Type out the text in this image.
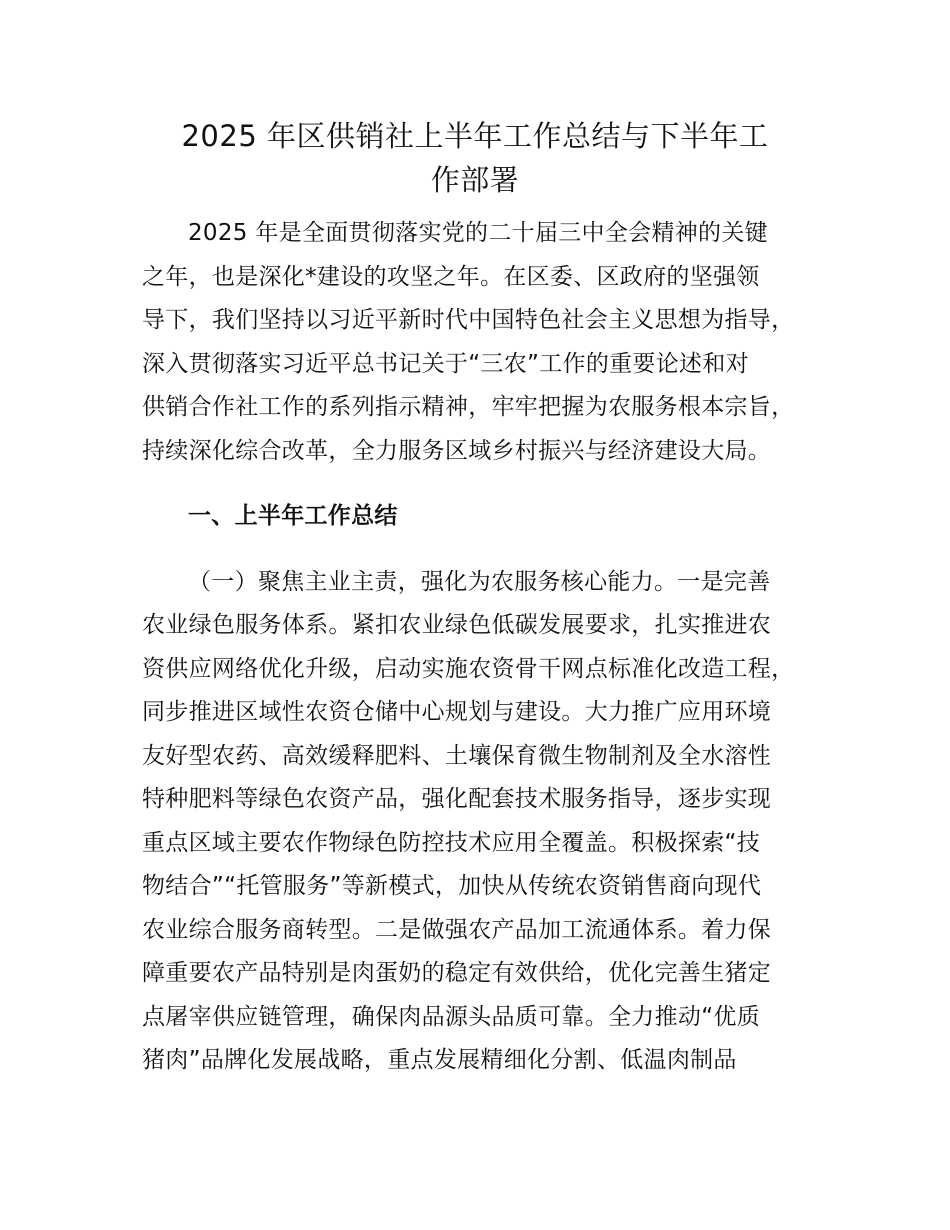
2025 年区供销社上半年工作总结与下半年工
作部署

2025 年是全面贯彻落实党的二十届三中全会精神的关键
之年，也是深化*建设的攻坚之年。在区委、区政府的坚强领
导下，我们坚持以习近平新时代中国特色社会主义思想为指导，
深入贯彻落实习近平总书记关于“三农”工作的重要论述和对
供销合作社工作的系列指示精神，牢牢把握为农服务根本宗旨，
持续深化综合改革，全力服务区域乡村振兴与经济建设大局。

一、上半年工作总结

（一）聚焦主业主责，强化为农服务核心能力。一是完善
农业绿色服务体系。紧扣农业绿色低碳发展要求，扎实推进农
资供应网络优化升级，启动实施农资骨干网点标准化改造工程，
同步推进区域性农资仓储中心规划与建设。大力推广应用环境
友好型农药、高效缓释肥料、土壤保育微生物制剂及全水溶性
特种肥料等绿色农资产品，强化配套技术服务指导，逐步实现
重点区域主要农作物绿色防控技术应用全覆盖。积极探索“技
物结合”“托管服务”等新模式，加快从传统农资销售商向现代
农业综合服务商转型。二是做强农产品加工流通体系。着力保
障重要农产品特别是肉蛋奶的稳定有效供给，优化完善生猪定
点屠宰供应链管理，确保肉品源头品质可靠。全力推动“优质
猪肉”品牌化发展战略，重点发展精细化分割、低温肉制品
